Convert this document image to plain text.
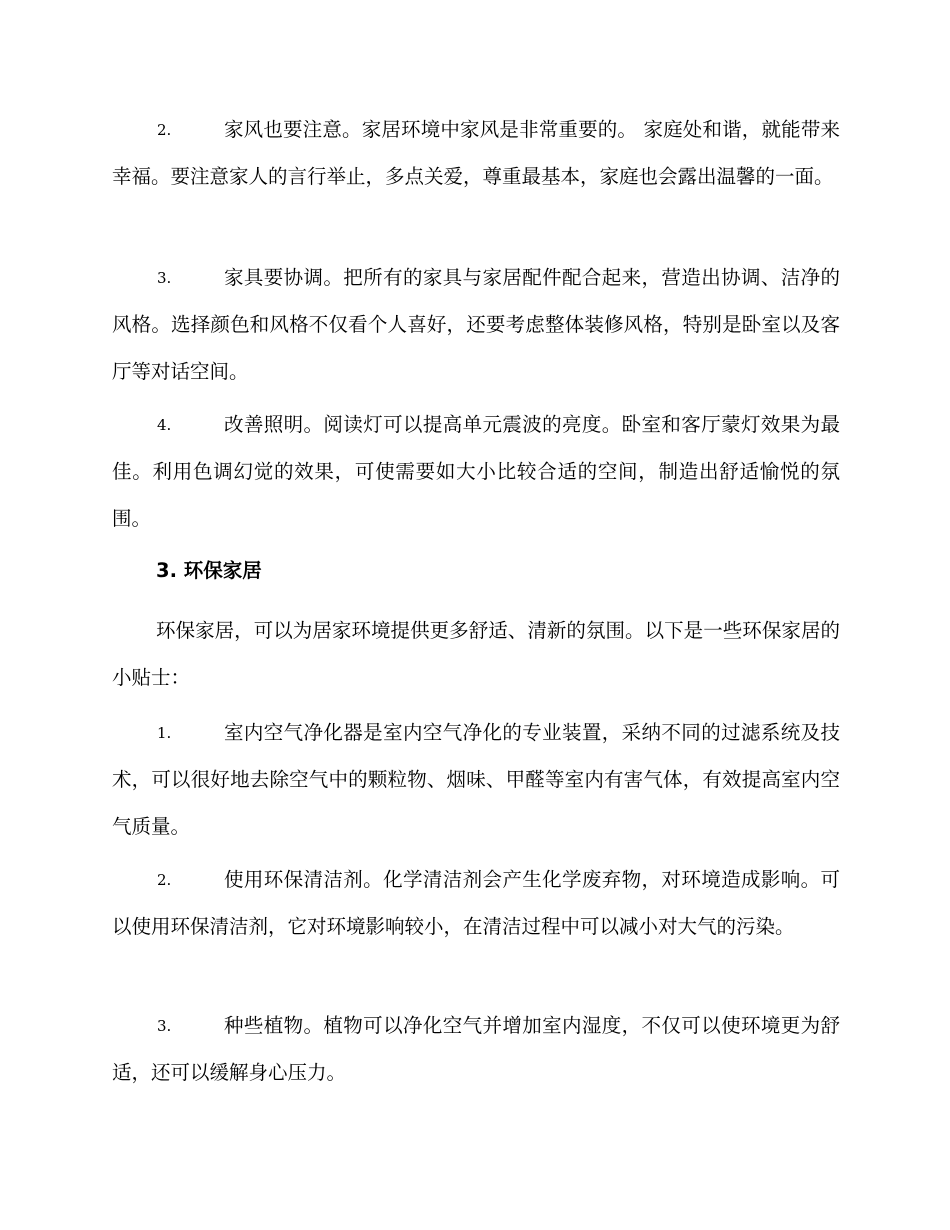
2.	家风也要注意。家居环境中家风是非常重要的。 家庭处和谐，就能带来幸福。要注意家人的言行举止，多点关爱，尊重最基本，家庭也会露出温馨的一面。

3.	家具要协调。把所有的家具与家居配件配合起来，营造出协调、洁净的风格。选择颜色和风格不仅看个人喜好，还要考虑整体装修风格，特别是卧室以及客厅等对话空间。

4.	改善照明。阅读灯可以提高单元震波的亮度。卧室和客厅蒙灯效果为最佳。利用色调幻觉的效果，可使需要如大小比较合适的空间，制造出舒适愉悦的氛围。

3. 环保家居

环保家居，可以为居家环境提供更多舒适、清新的氛围。以下是一些环保家居的小贴士：

1.	室内空气净化器是室内空气净化的专业装置，采纳不同的过滤系统及技术，可以很好地去除空气中的颗粒物、烟味、甲醛等室内有害气体，有效提高室内空气质量。

2.	使用环保清洁剂。化学清洁剂会产生化学废弃物，对环境造成影响。可以使用环保清洁剂，它对环境影响较小，在清洁过程中可以减小对大气的污染。

3.	种些植物。植物可以净化空气并增加室内湿度，不仅可以使环境更为舒适，还可以缓解身心压力。
